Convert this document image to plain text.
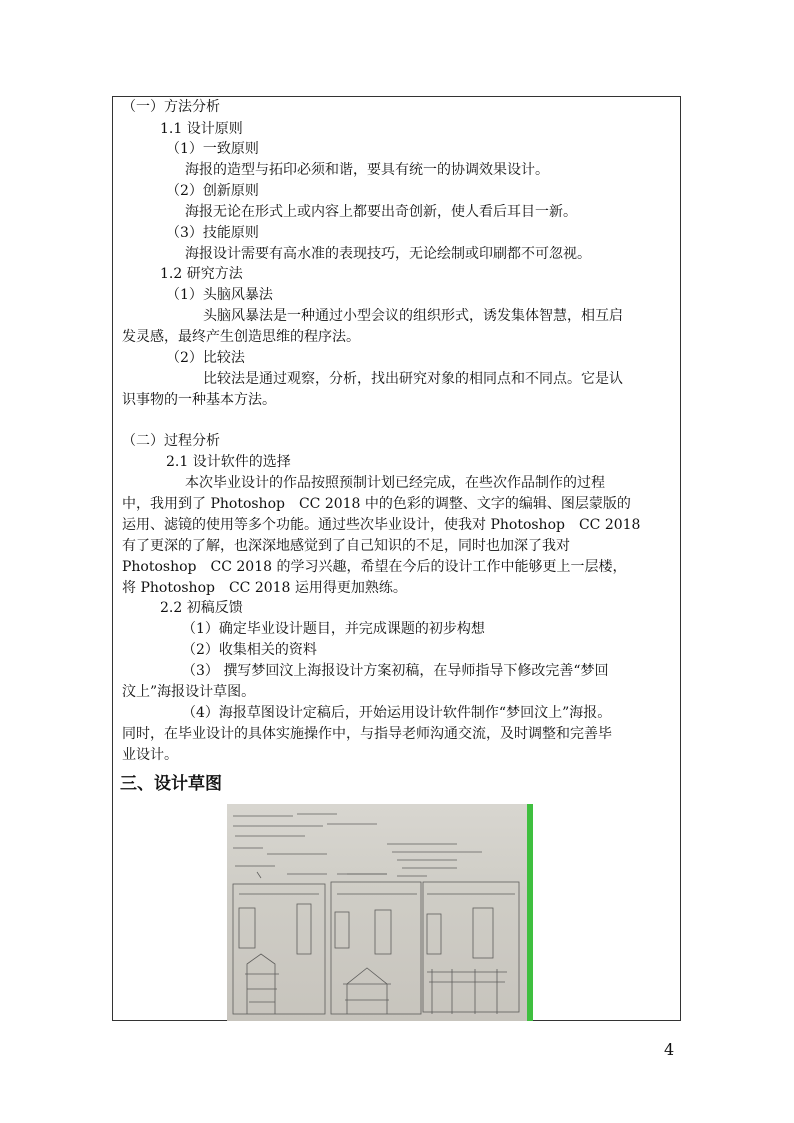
（一）方法分析
1.1 设计原则
（1）一致原则
海报的造型与拓印必须和谐，要具有统一的协调效果设计。
（2）创新原则
海报无论在形式上或内容上都要出奇创新，使人看后耳目一新。
（3）技能原则
海报设计需要有高水准的表现技巧，无论绘制或印刷都不可忽视。
1.2 研究方法
（1）头脑风暴法
头脑风暴法是一种通过小型会议的组织形式，诱发集体智慧，相互启
发灵感，最终产生创造思维的程序法。
（2）比较法
比较法是通过观察，分析，找出研究对象的相同点和不同点。它是认
识事物的一种基本方法。
（二）过程分析
2.1 设计软件的选择
本次毕业设计的作品按照预制计划已经完成，在些次作品制作的过程
中，我用到了 Photoshop　CC 2018 中的色彩的调整、文字的编辑、图层蒙版的
运用、滤镜的使用等多个功能。通过些次毕业设计，使我对 Photoshop　CC 2018
有了更深的了解，也深深地感觉到了自己知识的不足，同时也加深了我对
Photoshop　CC 2018 的学习兴趣，希望在今后的设计工作中能够更上一层楼，
将 Photoshop　CC 2018 运用得更加熟练。
2.2 初稿反馈
（1）确定毕业设计题目，并完成课题的初步构想
（2）收集相关的资料
（3） 撰写梦回汶上海报设计方案初稿，在导师指导下修改完善“梦回
汶上”海报设计草图。
（4）海报草图设计定稿后，开始运用设计软件制作“梦回汶上”海报。
同时，在毕业设计的具体实施操作中，与指导老师沟通交流，及时调整和完善毕
业设计。
三、设计草图
4
